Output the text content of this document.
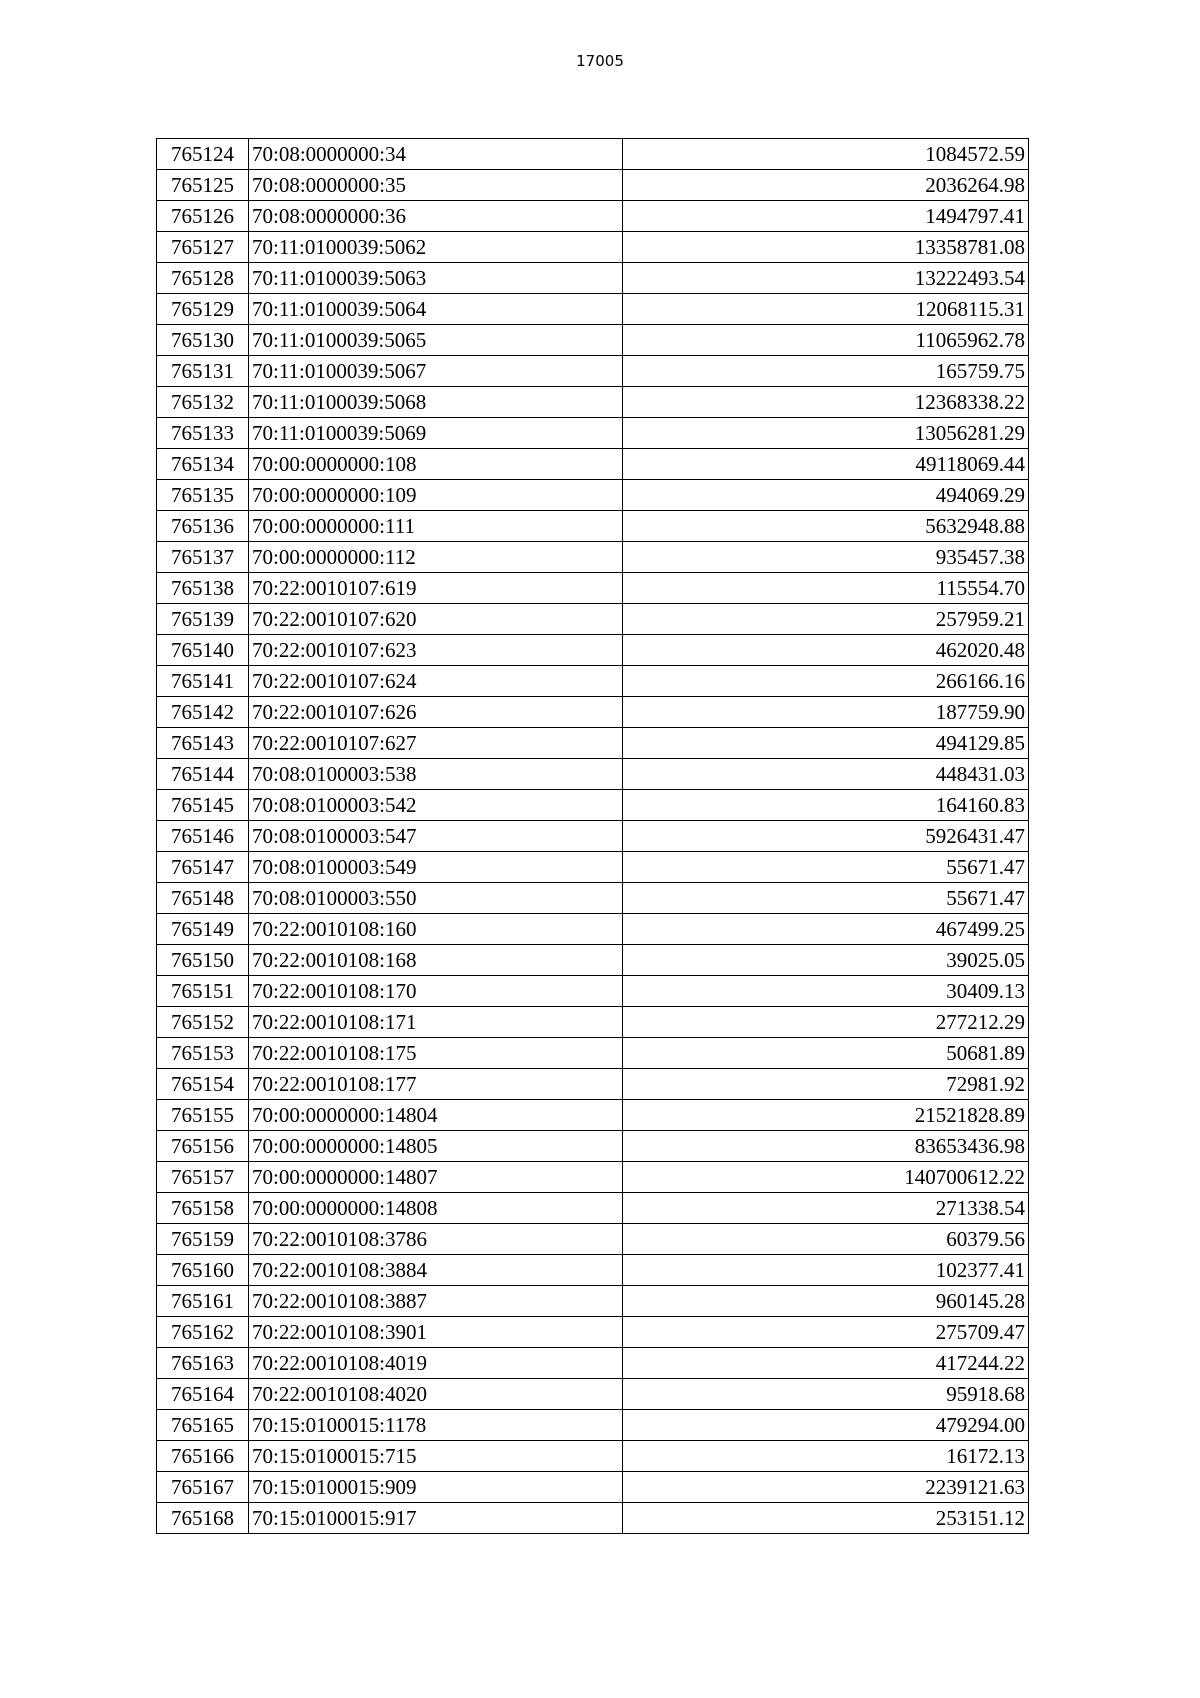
17005
765124	70:08:0000000:34	1084572.59
765125	70:08:0000000:35	2036264.98
765126	70:08:0000000:36	1494797.41
765127	70:11:0100039:5062	13358781.08
765128	70:11:0100039:5063	13222493.54
765129	70:11:0100039:5064	12068115.31
765130	70:11:0100039:5065	11065962.78
765131	70:11:0100039:5067	165759.75
765132	70:11:0100039:5068	12368338.22
765133	70:11:0100039:5069	13056281.29
765134	70:00:0000000:108	49118069.44
765135	70:00:0000000:109	494069.29
765136	70:00:0000000:111	5632948.88
765137	70:00:0000000:112	935457.38
765138	70:22:0010107:619	115554.70
765139	70:22:0010107:620	257959.21
765140	70:22:0010107:623	462020.48
765141	70:22:0010107:624	266166.16
765142	70:22:0010107:626	187759.90
765143	70:22:0010107:627	494129.85
765144	70:08:0100003:538	448431.03
765145	70:08:0100003:542	164160.83
765146	70:08:0100003:547	5926431.47
765147	70:08:0100003:549	55671.47
765148	70:08:0100003:550	55671.47
765149	70:22:0010108:160	467499.25
765150	70:22:0010108:168	39025.05
765151	70:22:0010108:170	30409.13
765152	70:22:0010108:171	277212.29
765153	70:22:0010108:175	50681.89
765154	70:22:0010108:177	72981.92
765155	70:00:0000000:14804	21521828.89
765156	70:00:0000000:14805	83653436.98
765157	70:00:0000000:14807	140700612.22
765158	70:00:0000000:14808	271338.54
765159	70:22:0010108:3786	60379.56
765160	70:22:0010108:3884	102377.41
765161	70:22:0010108:3887	960145.28
765162	70:22:0010108:3901	275709.47
765163	70:22:0010108:4019	417244.22
765164	70:22:0010108:4020	95918.68
765165	70:15:0100015:1178	479294.00
765166	70:15:0100015:715	16172.13
765167	70:15:0100015:909	2239121.63
765168	70:15:0100015:917	253151.12
